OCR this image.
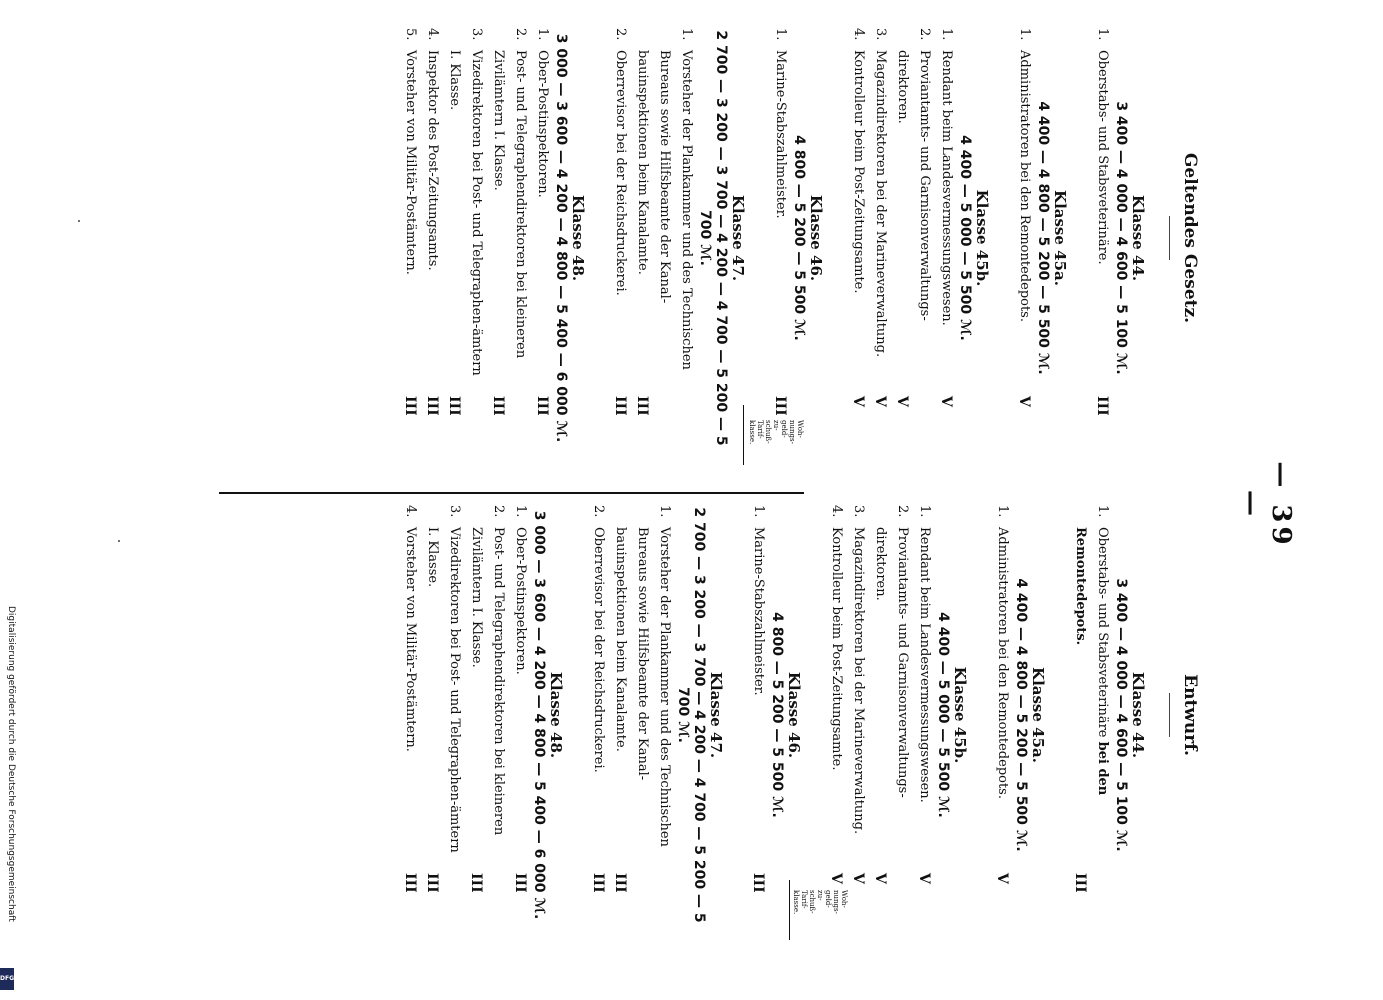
— 39 —
Geltendes Gesetz.
Klasse 44.
3 400 — 4 000 — 4 600 — 5 100 ℳ.
1.Oberstabs- und Stabsveterinäre.
III
Klasse 45a.
4 400 — 4 800 — 5 200 — 5 500 ℳ.
1.Administratoren bei den Remontedepots.
V
Klasse 45b.
4 400 — 5 000 — 5 500 ℳ.
1.Rendant beim Landesvermessungswesen.
V
2.Proviantamts- und Garnisonverwaltungs-direktoren.
V
3.Magazindirektoren bei der Marineverwaltung.
V
4.Kontrolleur beim Post-Zeitungsamte.
V
Klasse 46.
4 800 — 5 200 — 5 500 ℳ.
1.Marine-Stabszahlmeister.
III
Klasse 47.
2 700 — 3 200 — 3 700 — 4 200 — 4 700 — 5 200 — 5 700 ℳ.
1.Vorsteher der Plankammer und des Technischen Bureaus sowie Hilfsbeamte der Kanal-bauinspektionen beim Kanalamte.
III
2.Oberrevisor bei der Reichsdruckerei.
III
Klasse 48.
3 000 — 3 600 — 4 200 — 4 800 — 5 400 — 6 000 ℳ.
1.Ober-Postinspektoren.
III
2.Post- und Telegraphendirektoren bei kleineren Zivilämtern I. Klasse.
III
3.Vizedirektoren bei Post- und Telegraphen-ämtern I. Klasse.
III
4.Inspektor des Post-Zeitungsamts.
III
5.Vorsteher von Militär-Postämtern.
III
Entwurf.
Klasse 44.
3 400 — 4 000 — 4 600 — 5 100 ℳ.
1.Oberstabs- und Stabsveterinäre bei den Remontedepots.
III
Klasse 45a.
4 400 — 4 800 — 5 200 — 5 500 ℳ.
1.Administratoren bei den Remontedepots.
V
Klasse 45b.
4 400 — 5 000 — 5 500 ℳ.
1.Rendant beim Landesvermessungswesen.
V
2.Proviantamts- und Garnisonverwaltungs-direktoren.
V
3.Magazindirektoren bei der Marineverwaltung.
V
4.Kontrolleur beim Post-Zeitungsamte.
V
Klasse 46.
4 800 — 5 200 — 5 500 ℳ.
1.Marine-Stabszahlmeister.
III
Klasse 47.
2 700 — 3 200 — 3 700 — 4 200 — 4 700 — 5 200 — 5 700 ℳ.
1.Vorsteher der Plankammer und des Technischen Bureaus sowie Hilfsbeamte der Kanal-bauinspektionen beim Kanalamte.
III
2.Oberrevisor bei der Reichsdruckerei.
III
Klasse 48.
3 000 — 3 600 — 4 200 — 4 800 — 5 400 — 6 000 ℳ.
1.Ober-Postinspektoren.
III
2.Post- und Telegraphendirektoren bei kleineren Zivilämtern I. Klasse.
III
3.Vizedirektoren bei Post- und Telegraphen-ämtern I. Klasse.
III
4.Vorsteher von Militär-Postämtern.
III
Woh-
nungs-
geld-
zu-
schuß-
Tarif-
klasse.
Woh-
nungs-
geld-
zu-
schuß-
Tarif-
klasse.
Digitalisierung gefördert durch die Deutsche Forschungsgemeinschaft
DFG
